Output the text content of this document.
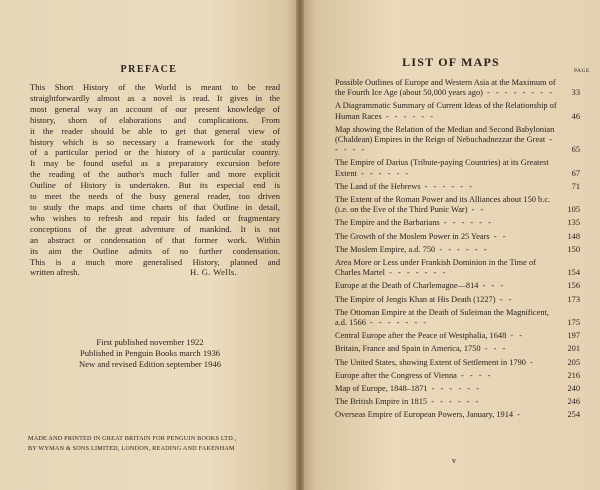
PREFACE
This Short History of the World is meant to be read
straightforwardly almost as a novel is read. It gives in the
most general way an account of our present knowledge of
history, shorn of elaborations and complications. From
it the reader should be able to get that general view of
history which is so necessary a framework for the study
of a particular period or the history of a particular country.
It may be found useful as a preparatory excursion before
the reading of the author's much fuller and more explicit
Outline of History is undertaken. But its especial end is
to meet the needs of the busy general reader, too driven
to study the maps and time charts of that Outline in detail,
who wishes to refresh and repair his faded or fragmentary
conceptions of the great adventure of mankind. It is not
an abstract or condensation of that former work. Within
its aim the Outline admits of no further condensation.
This is a much more generalised History, planned and
written afresh.	H. G. Wells.
First published november 1922
Published in Penguin Books march 1936
New and revised Edition september 1946
MADE AND PRINTED IN GREAT BRITAIN FOR PENGUIN BOOKS LTD.,
BY WYMAN & SONS LIMITED, LONDON, READING AND FAKENHAM
LIST OF MAPS
PAGE
Possible Outlines of Europe and Western Asia at the Maximum of the Fourth Ice Age (about 50,000 years ago) - - - - - - - -	33
A Diagrammatic Summary of Current Ideas of the Relationship of Human Races - - - - - -	46
Map showing the Relation of the Median and Second Babylonian (Chaldean) Empires in the Reign of Nebuchadnezzar the Great - - - - -	65
The Empire of Darius (Tribute-paying Countries) at its Greatest Extent - - - - - -	67
The Land of the Hebrews - - - - - -	71
The Extent of the Roman Power and its Alliances about 150 b.c. (i.e. on the Eve of the Third Punic War) - -	105
The Empire and the Barbarians - - - - - -	135
The Growth of the Moslem Power in 25 Years - -	148
The Moslem Empire, a.d. 750 - - - - - -	150
Area More or Less under Frankish Dominion in the Time of Charles Martel - - - - - - -	154
Europe at the Death of Charlemagne—814 - - -	156
The Empire of Jengis Khan at His Death (1227) - -	173
The Ottoman Empire at the Death of Suleiman the Magnificent, a.d. 1566 - - - - - - -	175
Central Europe after the Peace of Westphalia, 1648 - -	197
Britain, France and Spain in America, 1750 - - -	201
The United States, showing Extent of Settlement in 1790 -	205
Europe after the Congress of Vienna - - - -	216
Map of Europe, 1848–1871 - - - - - -	240
The British Empire in 1815 - - - - - -	246
Overseas Empire of European Powers, January, 1914 -	254
v
